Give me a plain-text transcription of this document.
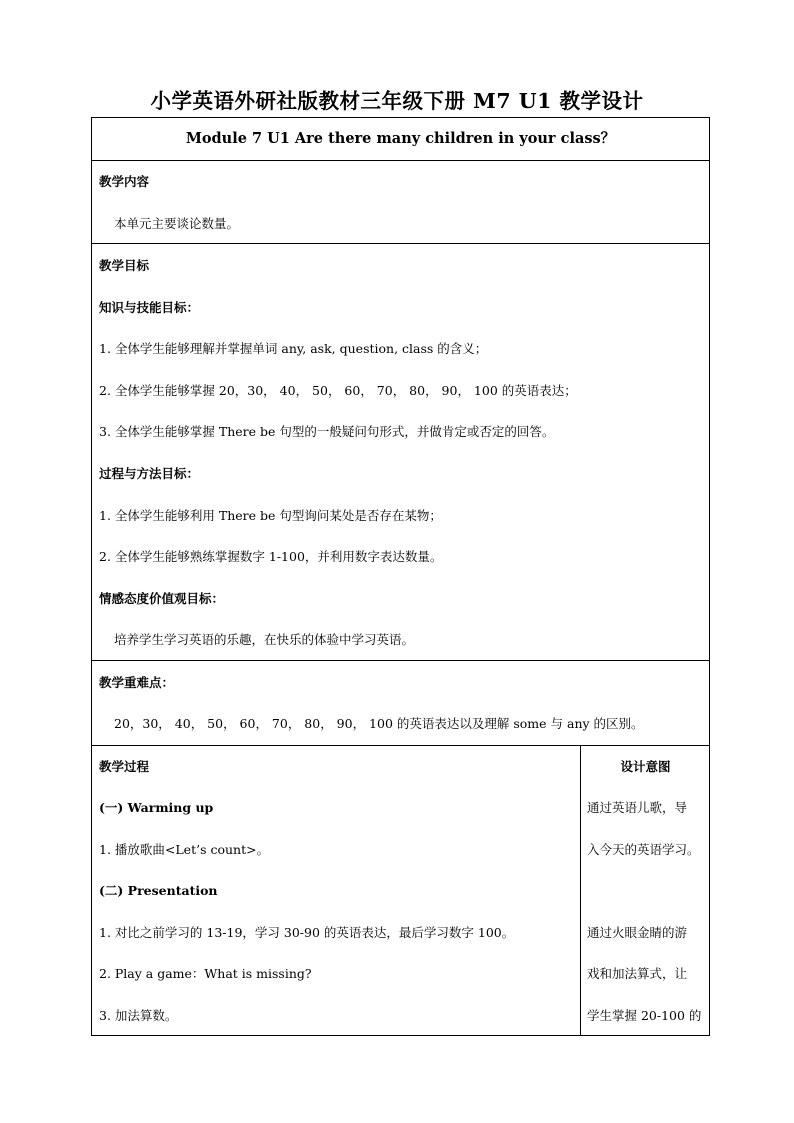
小学英语外研社版教材三年级下册 M7 U1 教学设计
Module 7 U1 Are there many children in your class？
教学内容
本单元主要谈论数量。
教学目标
知识与技能目标：
1. 全体学生能够理解并掌握单词 any, ask, question, class 的含义；
2. 全体学生能够掌握 20，30， 40， 50， 60， 70， 80， 90， 100 的英语表达；
3. 全体学生能够掌握 There be 句型的一般疑问句形式，并做肯定或否定的回答。
过程与方法目标：
1. 全体学生能够利用 There be 句型询问某处是否存在某物；
2. 全体学生能够熟练掌握数字 1-100，并利用数字表达数量。
情感态度价值观目标：
培养学生学习英语的乐趣，在快乐的体验中学习英语。
教学重难点：
20，30， 40， 50， 60， 70， 80， 90， 100 的英语表达以及理解 some 与 any 的区别。
教学过程	设计意图
(一) Warming up
1. 播放歌曲<Let’s count>。
(二) Presentation
1. 对比之前学习的 13-19，学习 30-90 的英语表达，最后学习数字 100。
2. Play a game：What is missing?
3. 加法算数。
通过英语儿歌，导
入今天的英语学习。
通过火眼金睛的游
戏和加法算式，让
学生掌握 20-100 的
